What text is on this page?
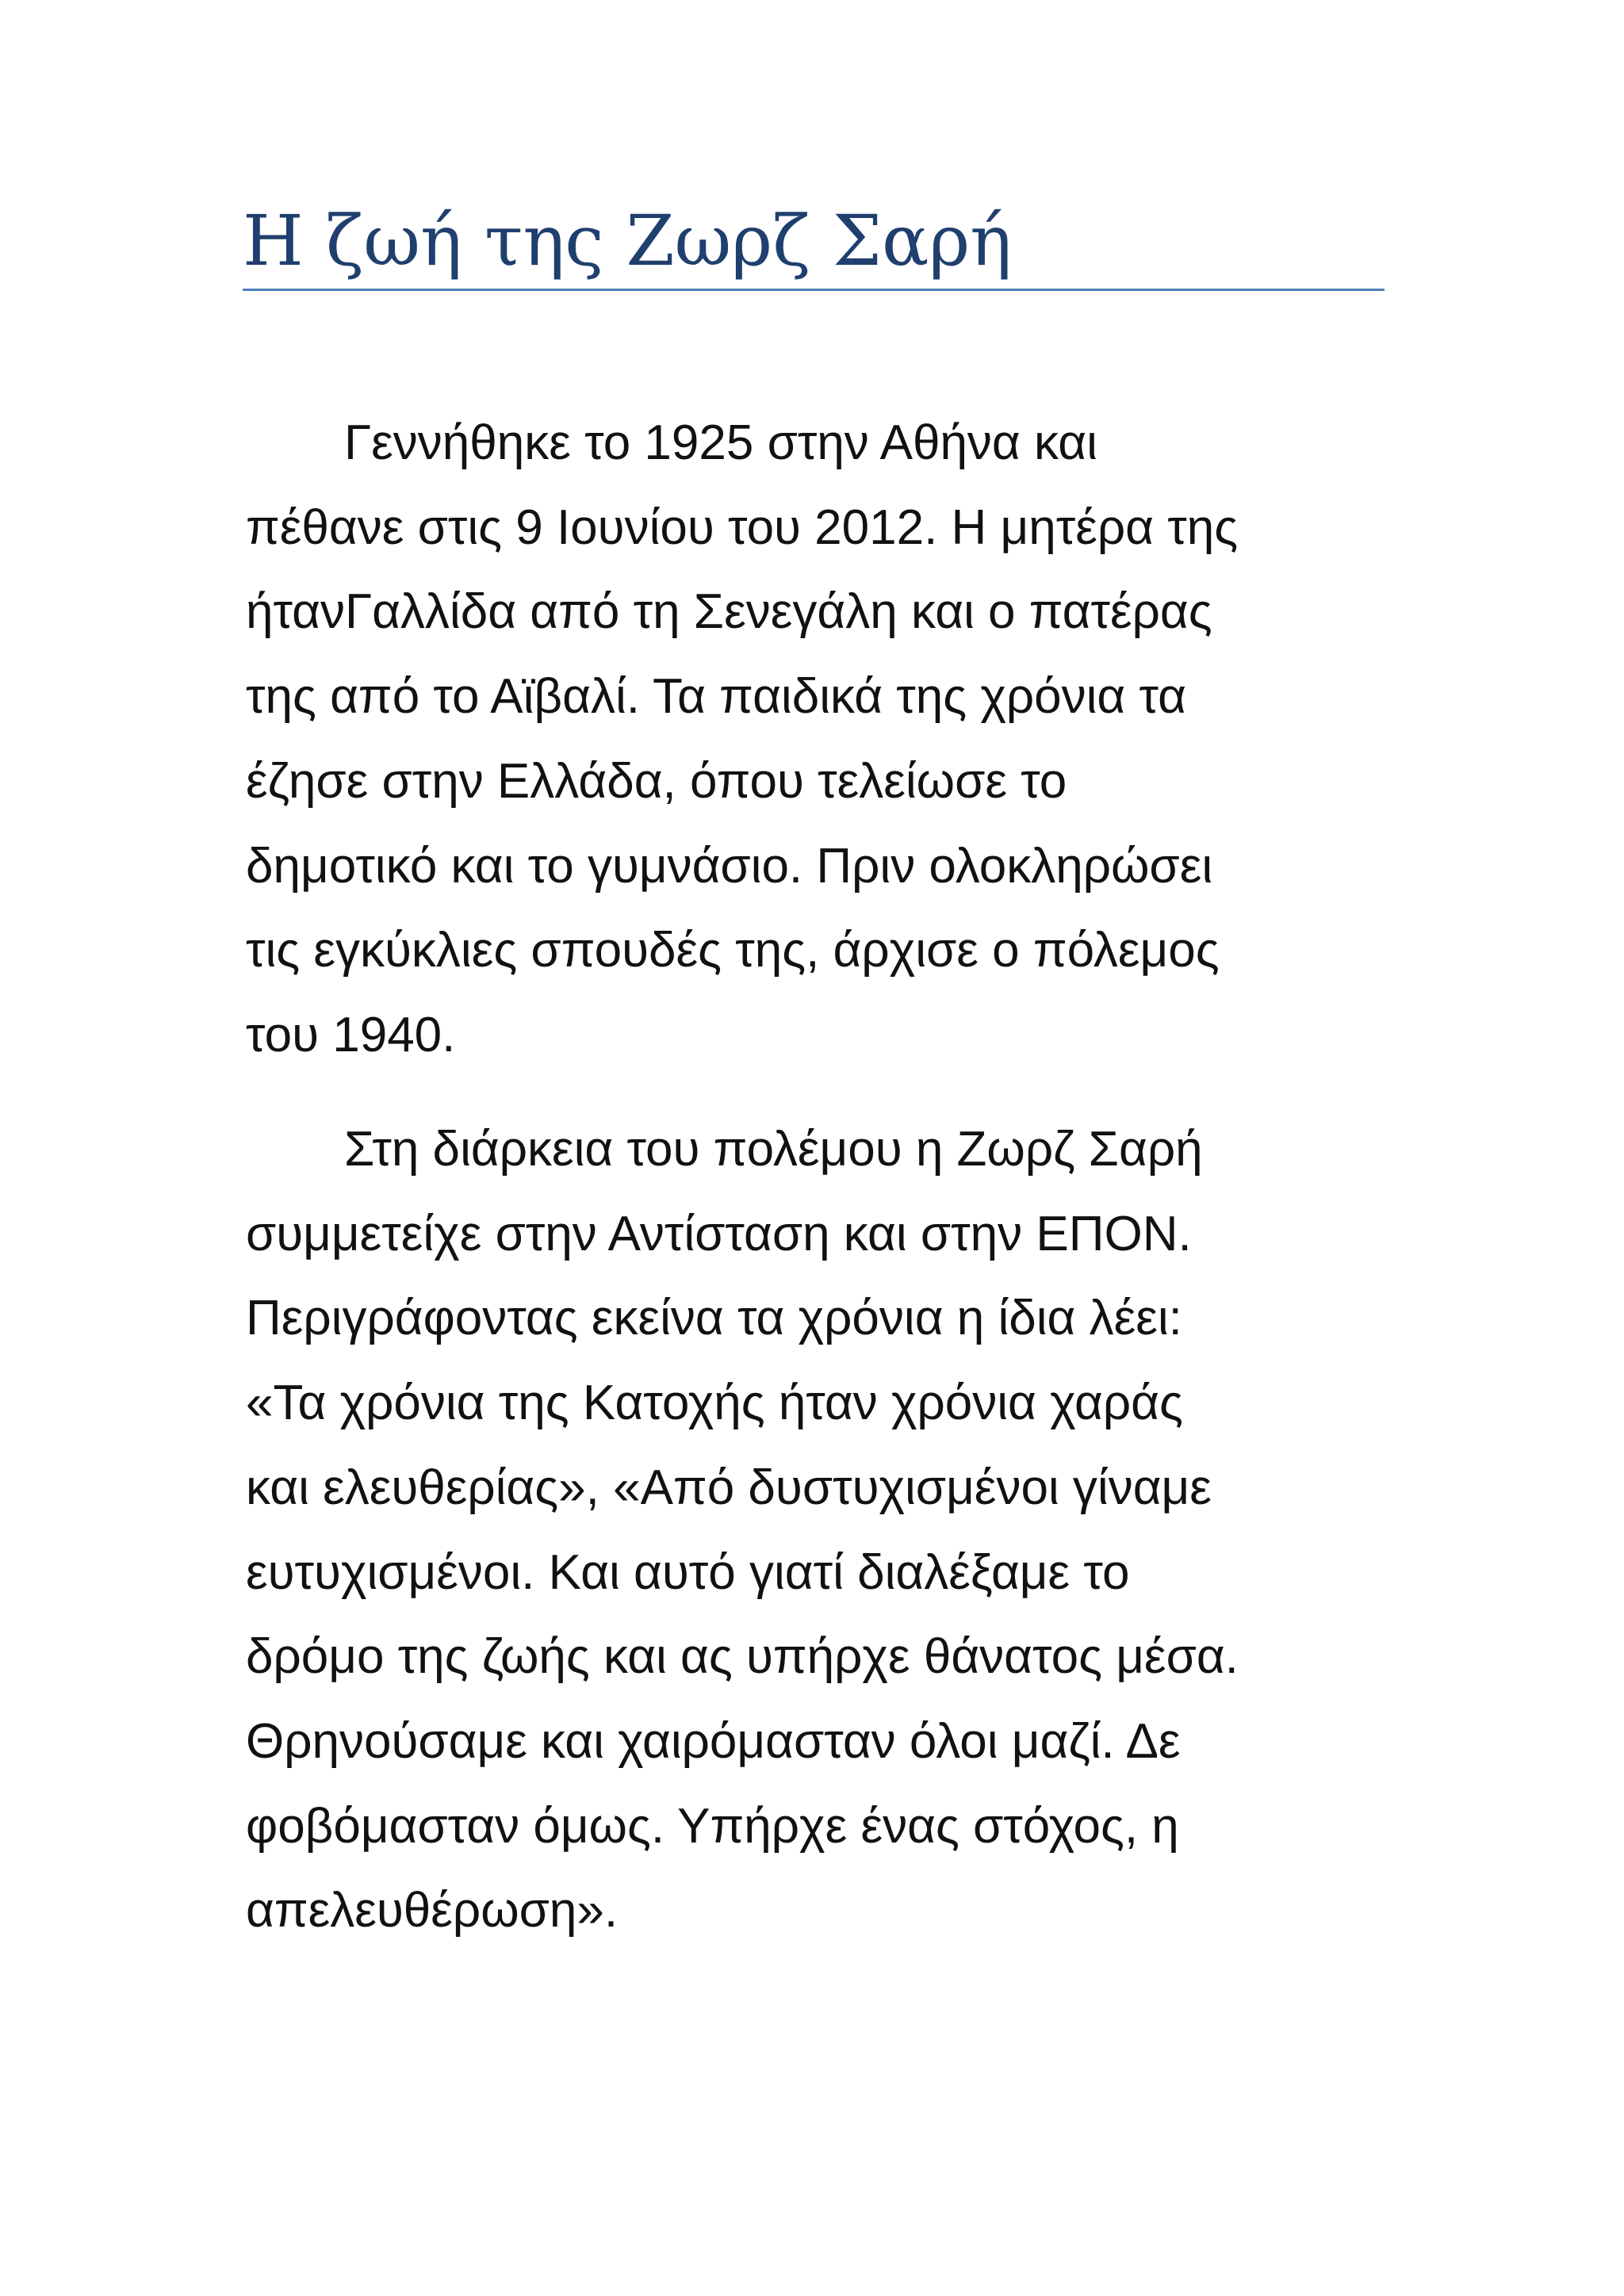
Η ζωή της Ζωρζ Σαρή

Γεννήθηκε το 1925 στην Αθήνα και
πέθανε στις 9 Ιουνίου του 2012. Η μητέρα της
ήτανΓαλλίδα από τη Σενεγάλη και ο πατέρας
της από το Αϊβαλί. Τα παιδικά της χρόνια τα
έζησε στην Ελλάδα, όπου τελείωσε το
δημοτικό και το γυμνάσιο. Πριν ολοκληρώσει
τις εγκύκλιες σπουδές της, άρχισε ο πόλεμος
του 1940.

Στη διάρκεια του πολέμου η Ζωρζ Σαρή
συμμετείχε στην Αντίσταση και στην ΕΠΟΝ.
Περιγράφοντας εκείνα τα χρόνια η ίδια λέει:
«Τα χρόνια της Κατοχής ήταν χρόνια χαράς
και ελευθερίας», «Από δυστυχισμένοι γίναμε
ευτυχισμένοι. Και αυτό γιατί διαλέξαμε το
δρόμο της ζωής και ας υπήρχε θάνατος μέσα.
Θρηνούσαμε και χαιρόμασταν όλοι μαζί. Δε
φοβόμασταν όμως. Υπήρχε ένας στόχος, η
απελευθέρωση».
